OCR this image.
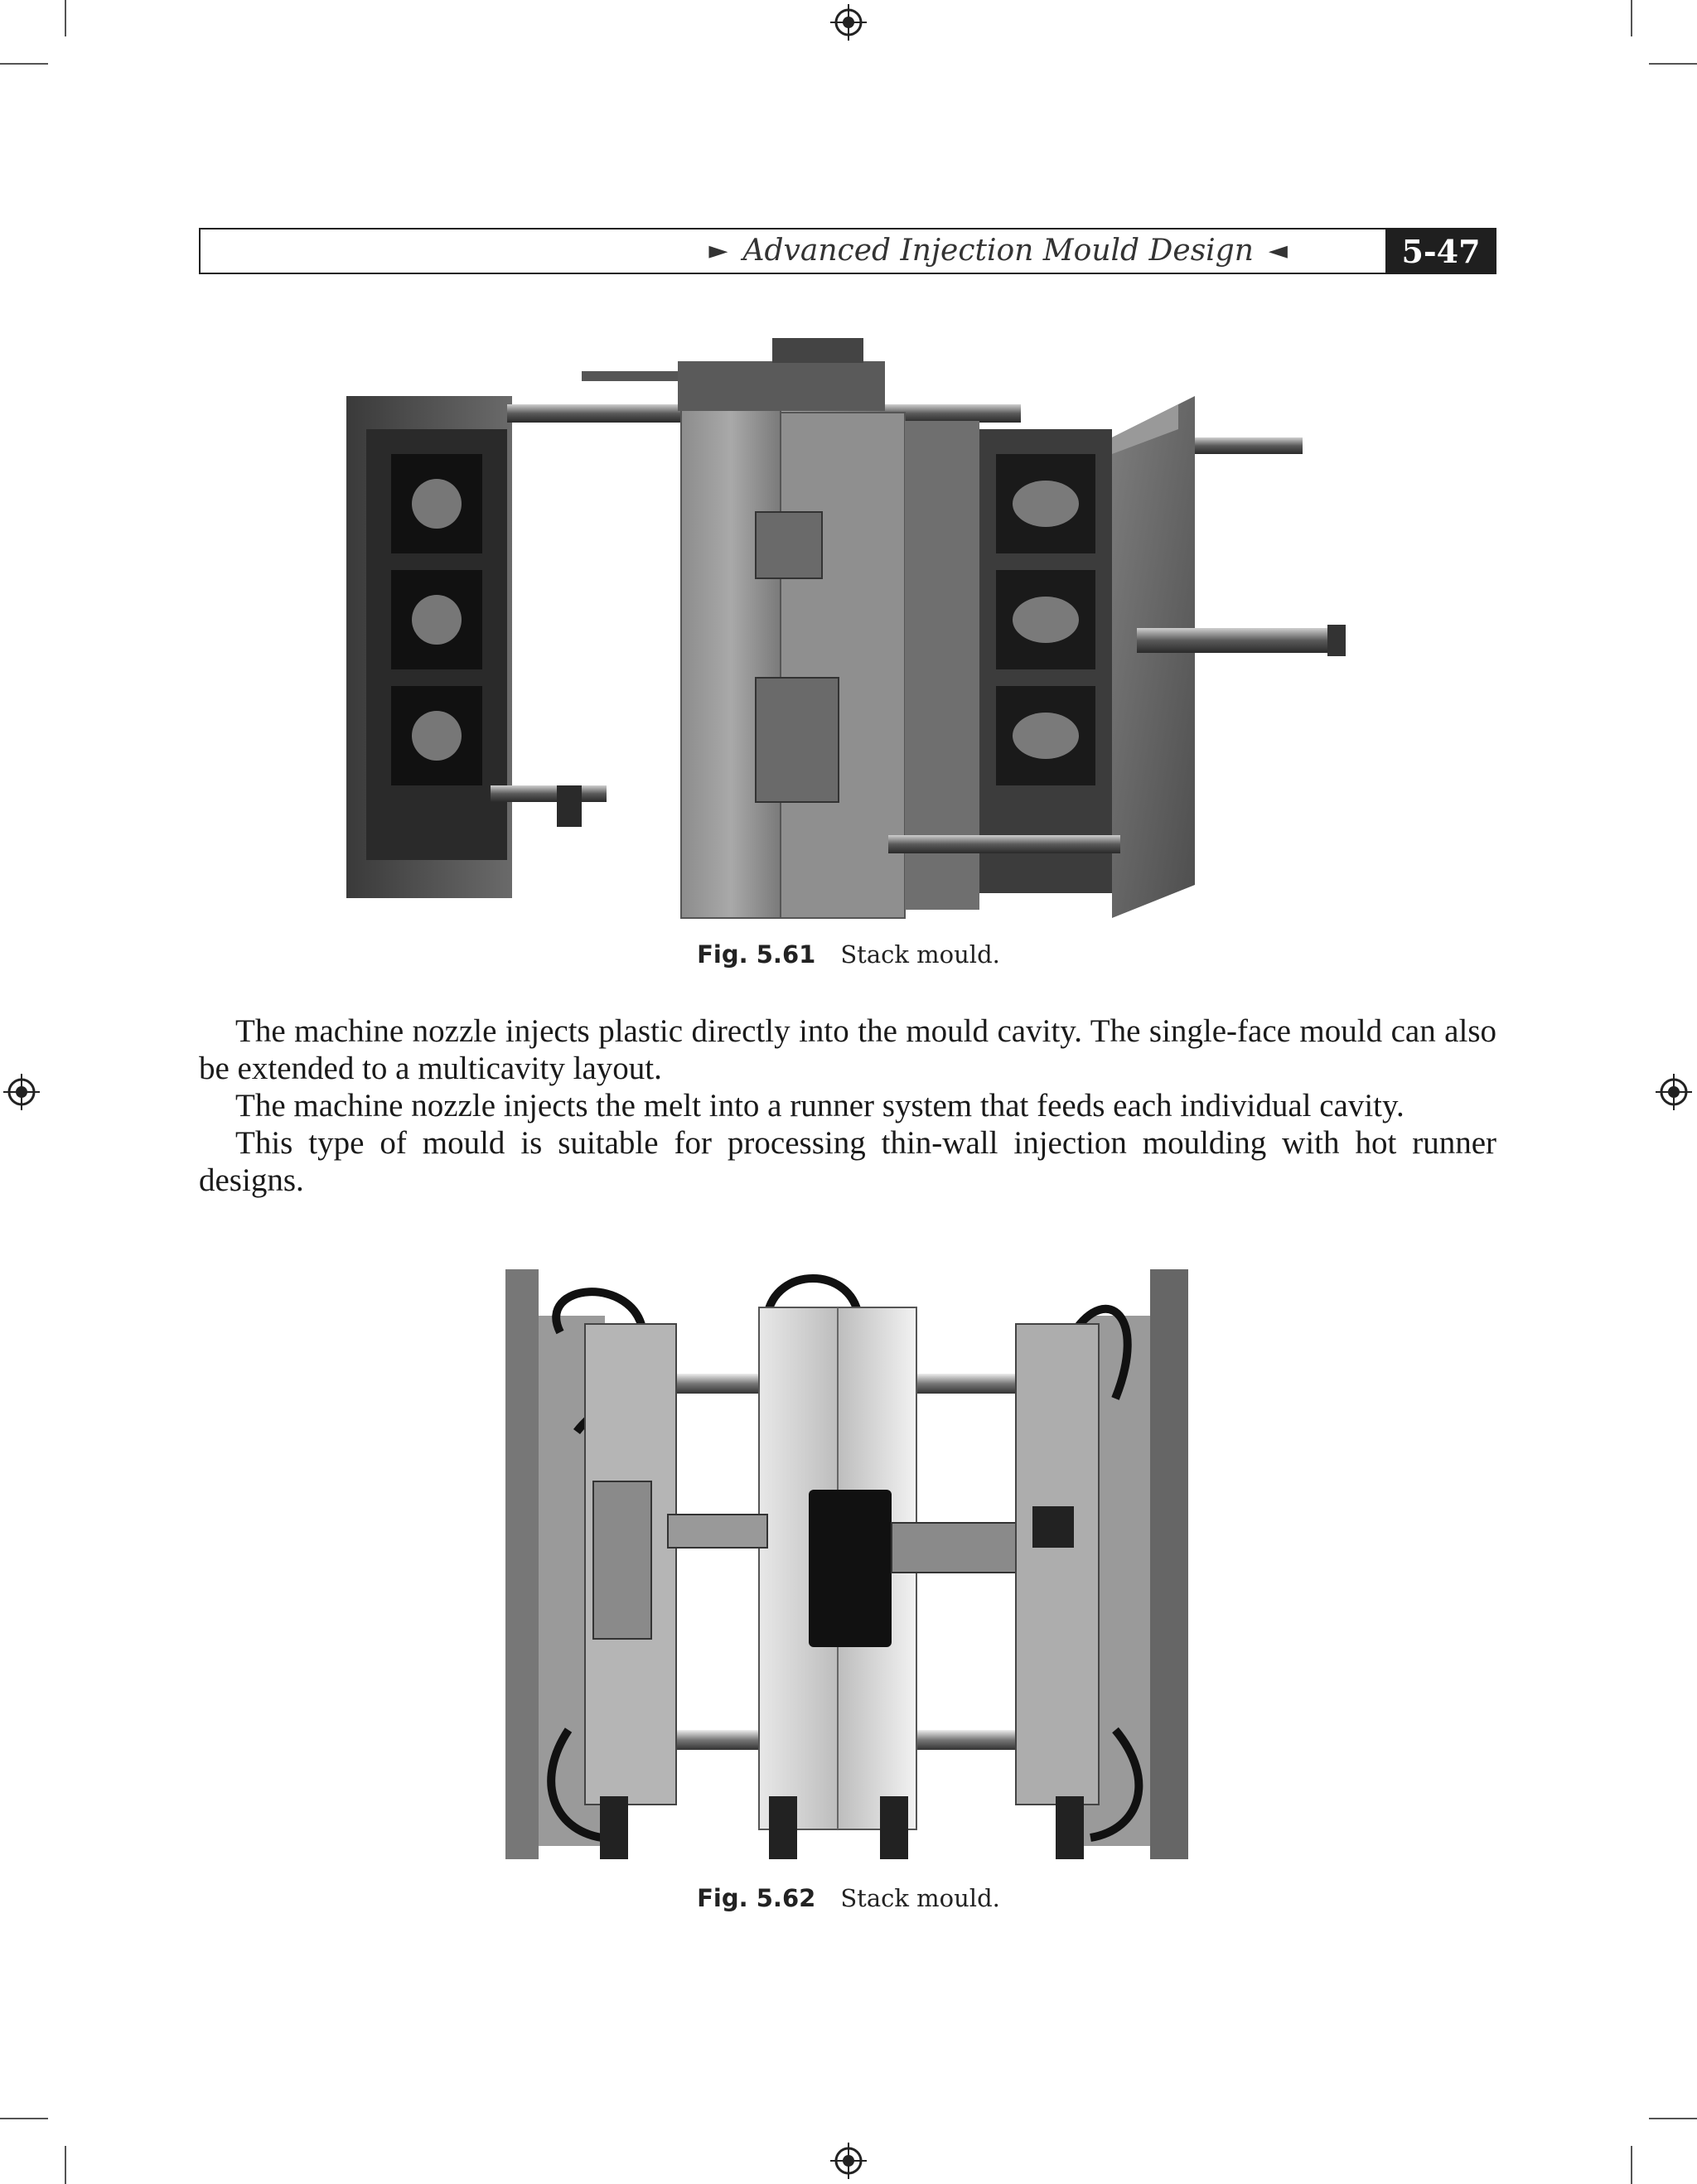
► Advanced Injection Mould Design ◄	5-47
Fig. 5.61 Stack mould.

The machine nozzle injects plastic directly into the mould cavity. The single-face mould can also be extended to a multicavity layout.

The machine nozzle injects the melt into a runner system that feeds each individual cavity.

This type of mould is suitable for processing thin-wall injection moulding with hot runner designs.

Fig. 5.62 Stack mould.
